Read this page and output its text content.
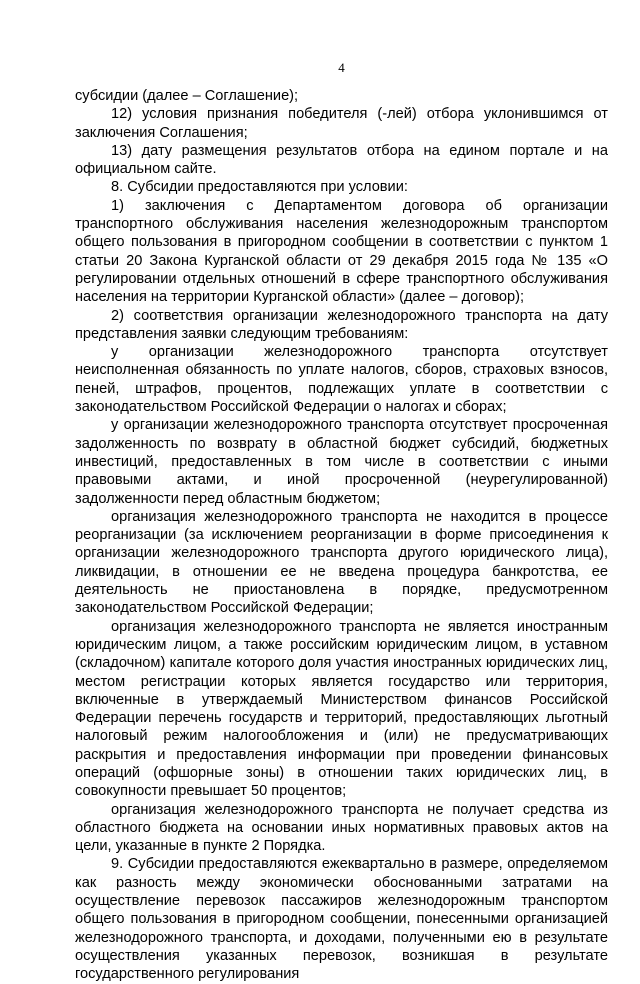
4

субсидии (далее – Соглашение);

12) условия признания победителя (-лей) отбора уклонившимся от заключения Соглашения;

13) дату размещения результатов отбора на едином портале и на официальном сайте.

8. Субсидии предоставляются при условии:

1) заключения с Департаментом договора об организации транспортного обслуживания населения железнодорожным транспортом общего пользования в пригородном сообщении в соответствии с пунктом 1 статьи 20 Закона Курганской области от 29 декабря 2015 года № 135 «О регулировании отдельных отношений в сфере транспортного обслуживания населения на территории Курганской области» (далее – договор);

2) соответствия организации железнодорожного транспорта на дату представления заявки следующим требованиям:

у организации железнодорожного транспорта отсутствует неисполненная обязанность по уплате налогов, сборов, страховых взносов, пеней, штрафов, процентов, подлежащих уплате в соответствии с законодательством Российской Федерации о налогах и сборах;

у организации железнодорожного транспорта отсутствует просроченная задолженность по возврату в областной бюджет субсидий, бюджетных инвестиций, предоставленных в том числе в соответствии с иными правовыми актами, и иной просроченной (неурегулированной) задолженности перед областным бюджетом;

организация железнодорожного транспорта не находится в процессе реорганизации (за исключением реорганизации в форме присоединения к организации железнодорожного транспорта другого юридического лица), ликвидации, в отношении ее не введена процедура банкротства, ее деятельность не приостановлена в порядке, предусмотренном законодательством Российской Федерации;

организация железнодорожного транспорта не является иностранным юридическим лицом, а также российским юридическим лицом, в уставном (складочном) капитале которого доля участия иностранных юридических лиц, местом регистрации которых является государство или территория, включенные в утверждаемый Министерством финансов Российской Федерации перечень государств и территорий, предоставляющих льготный налоговый режим налогообложения и (или) не предусматривающих раскрытия и предоставления информации при проведении финансовых операций (офшорные зоны) в отношении таких юридических лиц, в совокупности превышает 50 процентов;

организация железнодорожного транспорта не получает средства из областного бюджета на основании иных нормативных правовых актов на цели, указанные в пункте 2 Порядка.

9. Субсидии предоставляются ежеквартально в размере, определяемом как разность между экономически обоснованными затратами на осуществление перевозок пассажиров железнодорожным транспортом общего пользования в пригородном сообщении, понесенными организацией железнодорожного транспорта, и доходами, полученными ею в результате осуществления указанных перевозок, возникшая в результате государственного регулирования
